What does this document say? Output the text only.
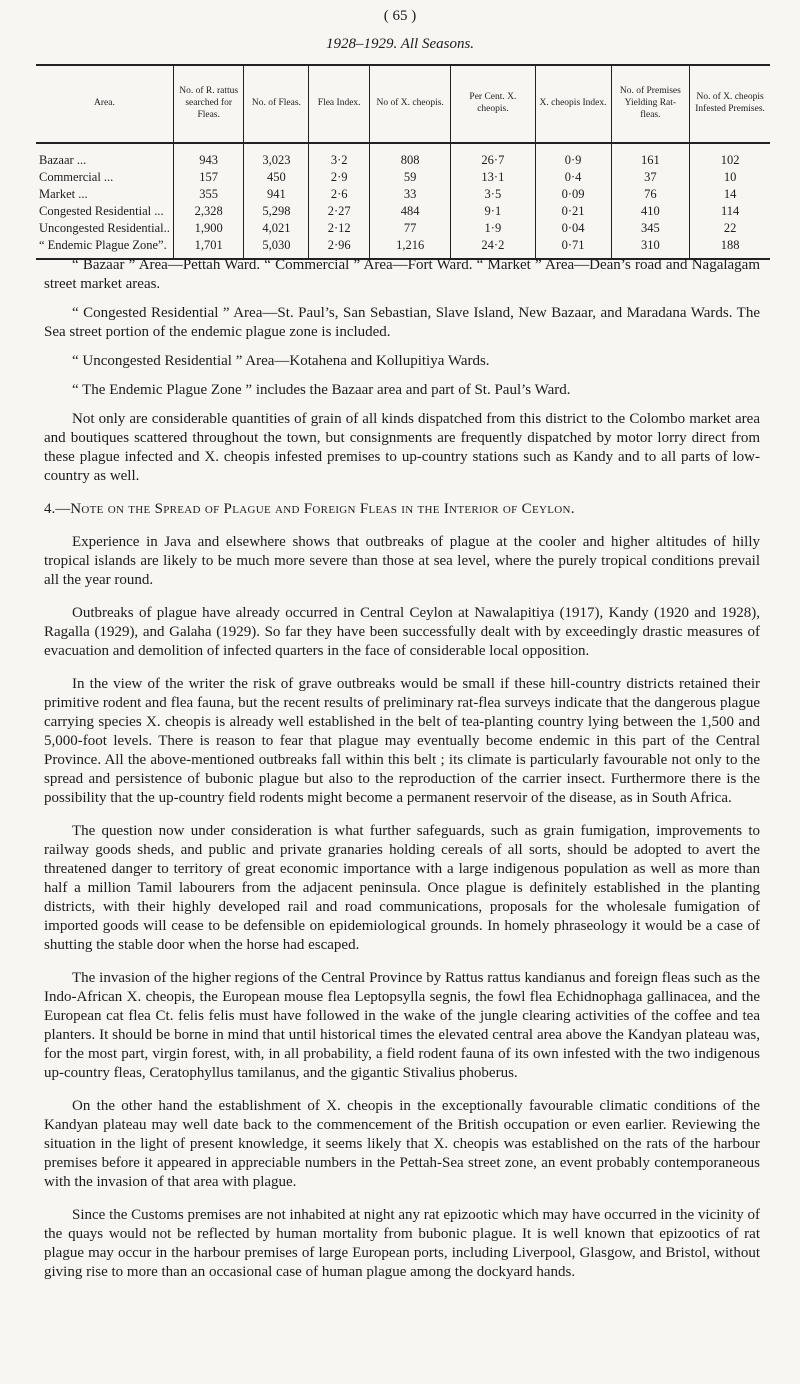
( 65 )
1928–1929. All Seasons.
Area.	No. of R. rattus searched for Fleas.	No. of Fleas.	Flea Index.	No of X. cheopis.	Per Cent. X. cheopis.	X. cheopis Index.	No. of Premises Yielding Rat-fleas.	No. of X. cheopis Infested Premises.
Bazaar ...	943	3,023	3·2	808	26·7	0·9	161	102
Commercial ...	157	450	2·9	59	13·1	0·4	37	10
Market ...	355	941	2·6	33	3·5	0·09	76	14
Congested Residential ...	2,328	5,298	2·27	484	9·1	0·21	410	114
Uncongested Residential..	1,900	4,021	2·12	77	1·9	0·04	345	22
“ Endemic Plague Zone”.	1,701	5,030	2·96	1,216	24·2	0·71	310	188

“ Bazaar ” Area—Pettah Ward. “ Commercial ” Area—Fort Ward. “ Market ” Area—Dean’s road and Nagalagam street market areas.

“ Congested Residential ” Area—St. Paul’s, San Sebastian, Slave Island, New Bazaar, and Maradana Wards. The Sea street portion of the endemic plague zone is included.

“ Uncongested Residential ” Area—Kotahena and Kollupitiya Wards.

“ The Endemic Plague Zone ” includes the Bazaar area and part of St. Paul’s Ward.

Not only are considerable quantities of grain of all kinds dispatched from this district to the Colombo market area and boutiques scattered throughout the town, but consignments are frequently dispatched by motor lorry direct from these plague infected and X. cheopis infested premises to up-country stations such as Kandy and to all parts of low-country as well.

4.—Note on the Spread of Plague and Foreign Fleas in the Interior of Ceylon.

Experience in Java and elsewhere shows that outbreaks of plague at the cooler and higher altitudes of hilly tropical islands are likely to be much more severe than those at sea level, where the purely tropical conditions prevail all the year round.

Outbreaks of plague have already occurred in Central Ceylon at Nawalapitiya (1917), Kandy (1920 and 1928), Ragalla (1929), and Galaha (1929). So far they have been successfully dealt with by exceedingly drastic measures of evacuation and demolition of infected quarters in the face of considerable local opposition.

In the view of the writer the risk of grave outbreaks would be small if these hill-country districts retained their primitive rodent and flea fauna, but the recent results of preliminary rat-flea surveys indicate that the dangerous plague carrying species X. cheopis is already well established in the belt of tea-planting country lying between the 1,500 and 5,000-foot levels. There is reason to fear that plague may eventually become endemic in this part of the Central Province. All the above-mentioned outbreaks fall within this belt ; its climate is particularly favourable not only to the spread and persistence of bubonic plague but also to the reproduction of the carrier insect. Furthermore there is the possibility that the up-country field rodents might become a permanent reservoir of the disease, as in South Africa.

The question now under consideration is what further safeguards, such as grain fumigation, improvements to railway goods sheds, and public and private granaries holding cereals of all sorts, should be adopted to avert the threatened danger to territory of great economic importance with a large indigenous population as well as more than half a million Tamil labourers from the adjacent peninsula. Once plague is definitely established in the planting districts, with their highly developed rail and road communications, proposals for the wholesale fumigation of imported goods will cease to be defensible on epidemiological grounds. In homely phraseology it would be a case of shutting the stable door when the horse had escaped.

The invasion of the higher regions of the Central Province by Rattus rattus kandianus and foreign fleas such as the Indo-African X. cheopis, the European mouse flea Leptopsylla segnis, the fowl flea Echidnophaga gallinacea, and the European cat flea Ct. felis felis must have followed in the wake of the jungle clearing activities of the coffee and tea planters. It should be borne in mind that until historical times the elevated central area above the Kandyan plateau was, for the most part, virgin forest, with, in all probability, a field rodent fauna of its own infested with the two indigenous up-country fleas, Ceratophyllus tamilanus, and the gigantic Stivalius phoberus.

On the other hand the establishment of X. cheopis in the exceptionally favourable climatic conditions of the Kandyan plateau may well date back to the commencement of the British occupation or even earlier. Reviewing the situation in the light of present knowledge, it seems likely that X. cheopis was established on the rats of the harbour premises before it appeared in appreciable numbers in the Pettah-Sea street zone, an event probably contemporaneous with the invasion of that area with plague.

Since the Customs premises are not inhabited at night any rat epizootic which may have occurred in the vicinity of the quays would not be reflected by human mortality from bubonic plague. It is well known that epizootics of rat plague may occur in the harbour premises of large European ports, including Liverpool, Glasgow, and Bristol, without giving rise to more than an occasional case of human plague among the dockyard hands.
